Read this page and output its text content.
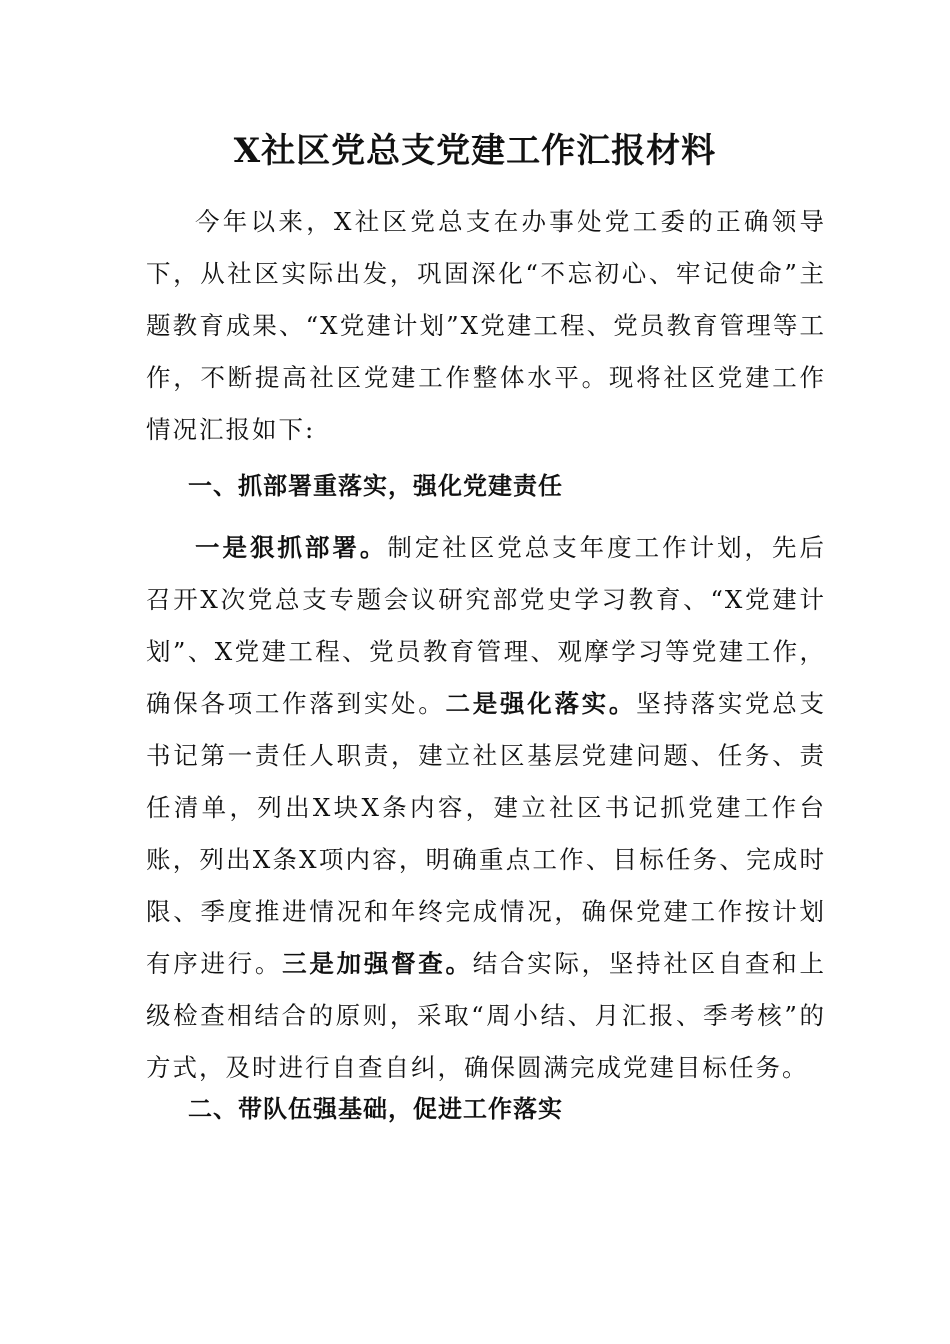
X社区党总支党建工作汇报材料

今年以来，X社区党总支在办事处党工委的正确领导下，从社区实际出发，巩固深化“不忘初心、牢记使命”主题教育成果、“X党建计划”X党建工程、党员教育管理等工作，不断提高社区党建工作整体水平。现将社区党建工作情况汇报如下:

一、抓部署重落实，强化党建责任

一是狠抓部署。制定社区党总支年度工作计划，先后召开X次党总支专题会议研究部党史学习教育、“X党建计划”、X党建工程、党员教育管理、观摩学习等党建工作，确保各项工作落到实处。二是强化落实。坚持落实党总支书记第一责任人职责，建立社区基层党建问题、任务、责任清单，列出X块X条内容，建立社区书记抓党建工作台账，列出X条X项内容，明确重点工作、目标任务、完成时限、季度推进情况和年终完成情况，确保党建工作按计划有序进行。三是加强督查。结合实际，坚持社区自查和上级检查相结合的原则，采取“周小结、月汇报、季考核”的方式，及时进行自查自纠，确保圆满完成党建目标任务。

二、带队伍强基础，促进工作落实
